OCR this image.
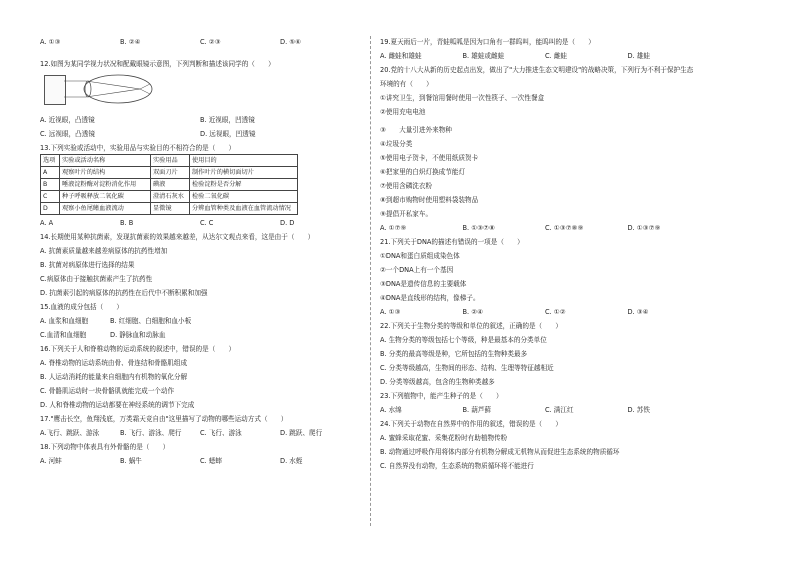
A. ①③	B. ②④	C. ②③	D. ⑤⑥

12.如图为某同学视力状况和配戴眼镜示意图，下列判断和描述该同学的（　　）

A. 近视眼，凸透镜	B. 近视眼，凹透镜
C. 远视眼，凸透镜	D. 远视眼，凹透镜

13.下列实验或活动中，实验用品与实验目的不相符合的是（　　）

选项	实验或活动名称	实验用品	使用目的
A	观察叶片的结构	双面刀片	制作叶片的横切面切片
B	唾液淀粉酶对淀粉消化作用	碘液	检验淀粉是否分解
C	种子呼吸释放二氧化碳	澄清石灰水	检验二氧化碳
D	观察小鱼尾鳍血液流动	显微镜	分辨血管种类及血液在血管流动情况
A. A	B. B	C. C	D. D

14.长期使用某种抗菌素，发现抗菌素的效果越来越差，从达尔文观点来看，这是由于（　　）

A. 抗菌素质量越来越差病原体的抗药性增加

B. 抗菌对病原体进行选择的结果

C.病原体由于接触抗菌素产生了抗药性

D. 抗菌素引起的病原体的抗药性在后代中不断积累和加强

15.血液的成分包括（　　）

A. 血浆和血细胞	B. 红细胞、白细胞和血小板
C.血清和血细胞	D. 静脉血和动脉血

16.下列关于人和脊椎动物的运动系统的叙述中，错误的是（　　）

A. 脊椎动物的运动系统由骨、骨连结和骨骼肌组成

B. 人运动消耗的能量来自细胞内有机物的氧化分解

C. 骨骼肌运动时一块骨骼肌就能完成一个动作

D. 人和脊椎动物的运动都要在神经系统的调节下完成

17."鹰击长空，鱼翔浅底，万类霜天竞自由"这里描写了动物的哪些运动方式（　　）

A.飞行、跳跃、游泳	B. 飞行、游泳、爬行	C. 飞行、游泳	D. 跳跃、爬行

18.下列动物中体表具有外骨骼的是（　　）

A. 河蚌	B. 蜗牛	C. 蟋蟀	D. 水蛭

19.夏天雨后一片，青蛙呱呱是因为口角有一群呜叫，能呜叫的是（　　）

A. 雌蛙和雄蛙	B. 雄蛙或雌蛙	C. 雌蛙	D. 雄蛙

20.党的十八大从新的历史起点出发，做出了"大力推进生态文明建设"的战略决策，下列行为不利于保护生态

环境的有（　　）

①讲究卫生，到餐馆用餐时使用一次性筷子、一次性餐盒

②使用充电电池

③　　大量引进外来物种

④垃圾分类

⑤使用电子贺卡，不使用纸质贺卡

⑥把家里的白炽灯换成节能灯

⑦使用含磷洗衣粉

⑧到超市购物时使用塑料袋装物品

⑨提倡开私家车。

A. ①⑦⑨	B. ①③⑦⑧	C. ①③⑦⑧⑨	D. ①③⑦⑨

21.下列关于DNA的描述有错误的一项是（　　）

①DNA和蛋白质组成染色体

②一个DNA上有一个基因

③DNA是遗传信息的主要载体

④DNA是直线形的结构，像梯子。

A. ①③	B. ②④	C. ①②	D. ③④

22.下列关于生物分类的等级和单位的叙述，正确的是（　　）

A. 生物分类的等级包括七个等级，种是最基本的分类单位

B. 分类的最高等级是种，它所包括的生物种类最多

C. 分类等级越高，生物间的形态、结构、生理等特征越相近

D. 分类等级越高，包含的生物种类越多

23.下列植物中，能产生种子的是（　　）

A. 水绵	B. 葫芦藓	C. 满江红	D. 苏铁

24.下列关于动物在自然界中的作用的叙述，错误的是（　　）

A. 蜜蜂采取花蜜、采集花粉时有助植物传粉

B. 动物通过呼吸作用将体内部分有机物分解成无机物从而促进生态系统的物质循环

C. 自然界没有动物，生态系统的物质循环将不能进行
